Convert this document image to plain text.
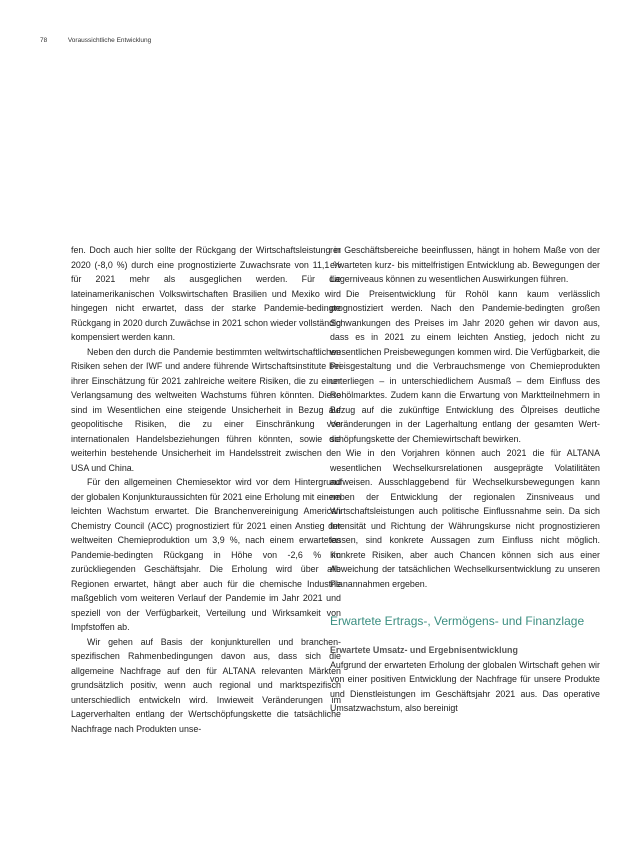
78	Voraussichtliche Entwicklung

fen. Doch auch hier sollte der Rückgang der Wirtschaftsleistung in 2020 (-8,0 %) durch eine prognostizierte Zuwachsrate von 11,1 % für 2021 mehr als ausgeglichen werden. Für die lateinamerikanischen Volkswirtschaften Brasilien und Mexiko wird hingegen nicht erwartet, dass der starke Pandemie-bedingte Rückgang in 2020 durch Zuwächse in 2021 schon wieder vollständig kompensiert werden kann.

Neben den durch die Pandemie bestimmten weltwirtschaftlichen Risiken sehen der IWF und andere führende Wirtschaftsinstitute bei ihrer Einschätzung für 2021 zahlreiche weitere Risiken, die zu einer Verlangsamung des weltweiten Wachstums führen könnten. Diese sind im Wesentlichen eine steigende Unsicherheit in Bezug auf geopolitische Risiken, die zu einer Einschränkung von internationalen Handelsbeziehungen führen könnten, sowie die weiterhin bestehende Unsicherheit im Handelsstreit zwischen den USA und China.

Für den allgemeinen Chemiesektor wird vor dem Hintergrund der globalen Konjunkturaussichten für 2021 eine Erholung mit einem leichten Wachstum erwartet. Die Branchenvereinigung American Chemistry Council (ACC) prognostiziert für 2021 einen Anstieg der weltweiten Chemieproduktion um 3,9 %, nach einem erwarteten Pandemie-bedingten Rückgang in Höhe von -2,6 % im zurückliegenden Geschäftsjahr. Die Erholung wird über alle Regionen erwartet, hängt aber auch für die chemische Industrie maßgeblich vom weiteren Verlauf der Pandemie im Jahr 2021 und speziell von der Verfügbarkeit, Verteilung und Wirksamkeit von Impfstoffen ab.

Wir gehen auf Basis der konjunkturellen und branchenspezifischen Rahmenbedingungen davon aus, dass sich die allgemeine Nachfrage auf den für ALTANA relevanten Märkten grundsätzlich positiv, wenn auch regional und marktspezifisch unterschiedlich entwickeln wird. Inwieweit Veränderungen im Lagerverhalten entlang der Wertschöpfungskette die tatsächliche Nachfrage nach Produkten unse-

rer Geschäftsbereiche beeinflussen, hängt in hohem Maße von der erwarteten kurz- bis mittelfristigen Entwicklung ab. Bewegungen der Lagerniveaus können zu wesentlichen Auswirkungen führen.

Die Preisentwicklung für Rohöl kann kaum verlässlich prognostiziert werden. Nach den Pandemie-bedingten großen Schwankungen des Preises im Jahr 2020 gehen wir davon aus, dass es in 2021 zu einem leichten Anstieg, jedoch nicht zu wesentlichen Preisbewegungen kommen wird. Die Verfügbarkeit, die Preisgestaltung und die Verbrauchsmenge von Chemieprodukten unterliegen – in unterschiedlichem Ausmaß – dem Einfluss des Rohölmarktes. Zudem kann die Erwartung von Marktteilnehmern in Bezug auf die zukünftige Entwicklung des Ölpreises deutliche Veränderungen in der Lagerhaltung entlang der gesamten Wertschöpfungskette der Chemiewirtschaft bewirken.

Wie in den Vorjahren können auch 2021 die für ALTANA wesentlichen Wechselkursrelationen ausgeprägte Volatilitäten aufweisen. Ausschlaggebend für Wechselkursbewegungen kann neben der Entwicklung der regionalen Zinsniveaus und Wirtschaftsleistungen auch politische Einflussnahme sein. Da sich Intensität und Richtung der Währungskurse nicht prognostizieren lassen, sind konkrete Aussagen zum Einfluss nicht möglich. Konkrete Risiken, aber auch Chancen können sich aus einer Abweichung der tatsächlichen Wechselkursentwicklung zu unseren Planannahmen ergeben.

Erwartete Ertrags-, Vermögens- und Finanzlage

Erwartete Umsatz- und Ergebnisentwicklung

Aufgrund der erwarteten Erholung der globalen Wirtschaft gehen wir von einer positiven Entwicklung der Nachfrage für unsere Produkte und Dienstleistungen im Geschäftsjahr 2021 aus. Das operative Umsatzwachstum, also bereinigt
